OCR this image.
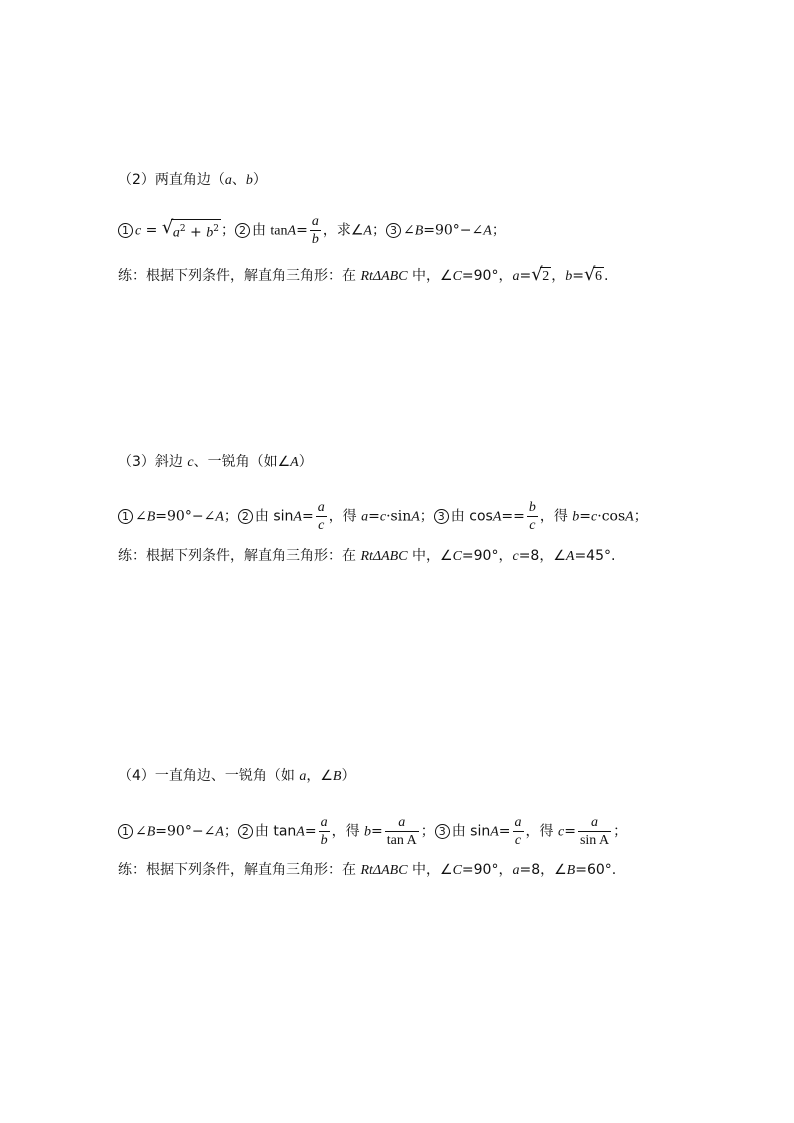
（2）两直角边（a、b）
1 c = √ $a^2 + b^2$ ； 2 由 $\tan A= \frac{a}{b}$ ，求∠A； 3 ∠B=90°−∠A；
练：根据下列条件，解直角三角形：在 RtΔABC 中，∠C=90°，a= √ 2 ，b= √ 6 .
（3）斜边 c、一锐角（如∠A）
1 ∠B=90°−∠A； 2 由 $\sin A= \frac{a}{c}$ ，得 a=c·sinA； 3 由 $\cos A== \frac{b}{c}$ ，得 b=c·cosA；
练：根据下列条件，解直角三角形：在 RtΔABC 中，∠C=90°，c=8，∠A=45°.
（4）一直角边、一锐角（如 a，∠B）
1 ∠B=90°−∠A； 2 由 $\tan A= \frac{a}{b}$ ，得 $b= \frac{a}{\text{tan A}}$ ； 3 由 $\sin A= \frac{a}{c}$ ，得 $c= \frac{a}{\text{sin A}}$ ；
练：根据下列条件，解直角三角形：在 RtΔABC 中，∠C=90°，a=8，∠B=60°.
